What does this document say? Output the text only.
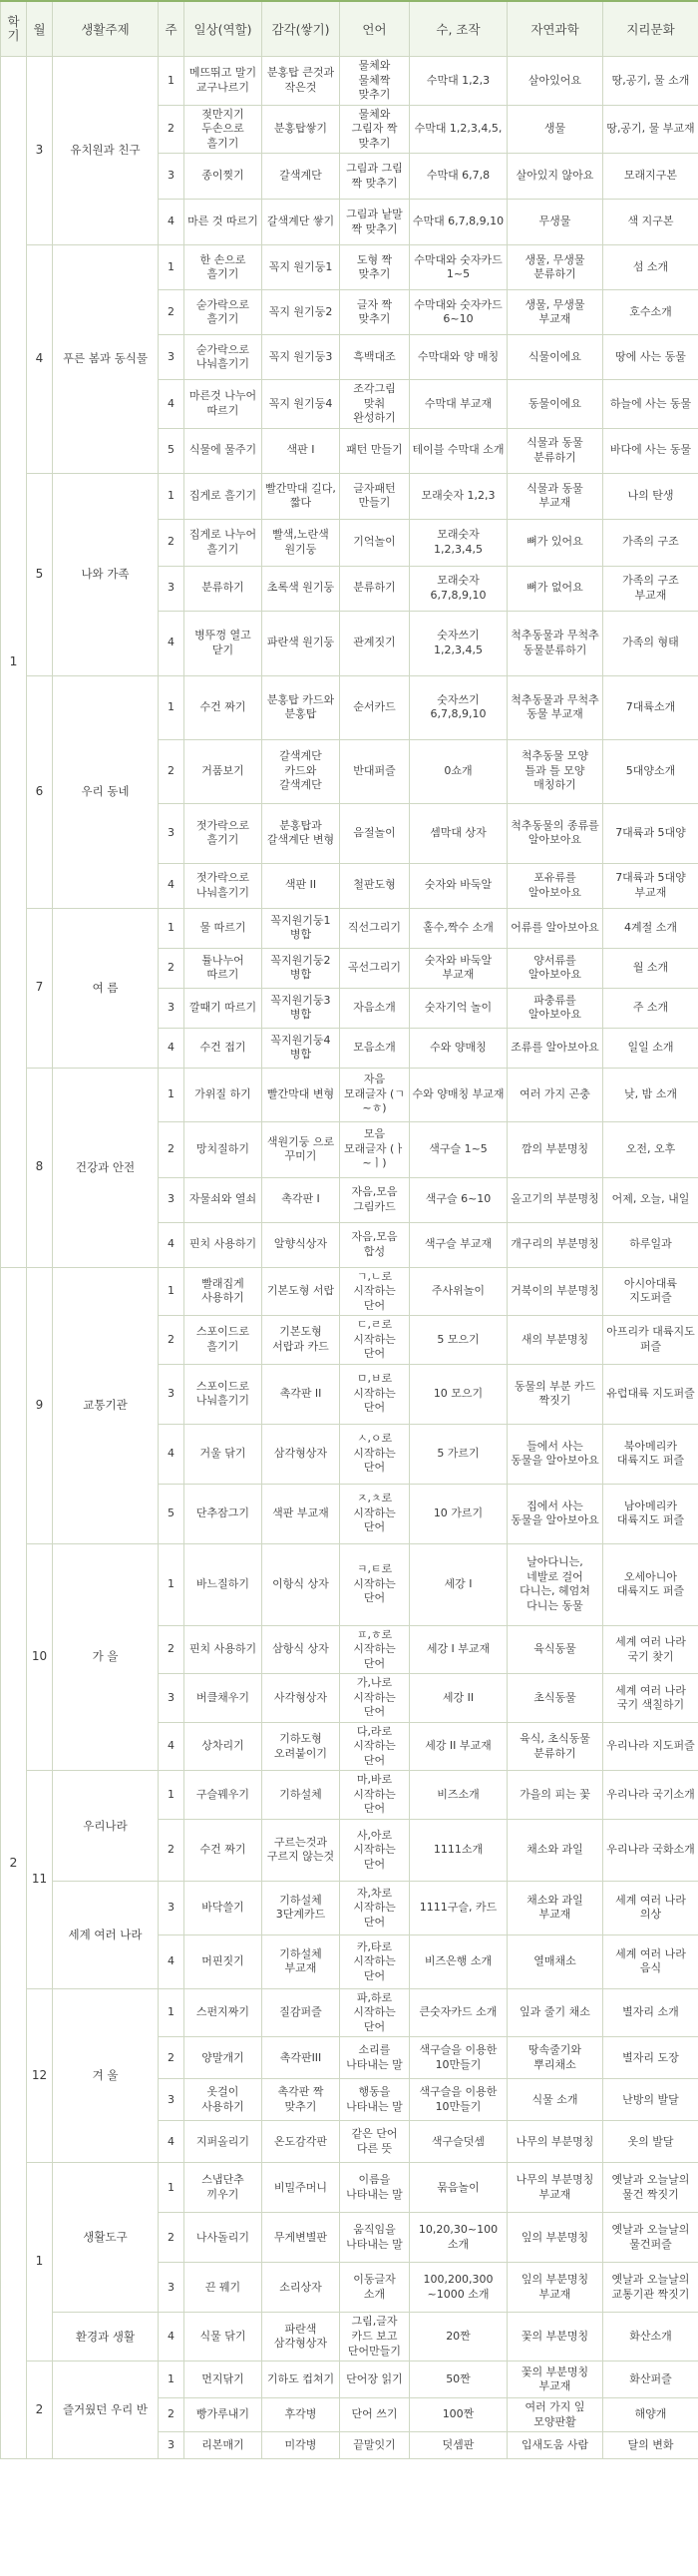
학기	월	생활주제	주	일상(역할)	감각(쌓기)	언어	수, 조작	자연과학	지리문화
1	3	유치원과 친구	1	메뜨뛰고 말기 교구나르기	분홍탑 큰것과 작은것	물체와 물체짝 맞추기	수막대 1,2,3	살아있어요	땅,공기, 물 소개
			2	젖만지기 두손으로 흘기기	분홍탑쌓기	물체와 그림자 짝 맞추기	수막대 1,2,3,4,5,	생물	땅,공기, 물 부교재
			3	종이찢기	갈색계단	그림과 그림 짝 맞추기	수막대 6,7,8	살아있지 않아요	모래지구본
			4	마른 것 따르기	갈색계단 쌓기	그림과 낱말 짝 맞추기	수막대 6,7,8,9,10	무생물	색 지구본
	4	푸른 봄과 동식물	1	한 손으로 흘기기	꼭지 원기둥1	도형 짝 맞추기	수막대와 숫자카드 1~5	생물, 무생물 분류하기	섬 소개
			2	숟가락으로 흘기기	꼭지 원기둥2	글자 짝 맞추기	수막대와 숫자카드 6~10	생물, 무생물 부교재	호수소개
			3	숟가락으로 나눠흘기기	꼭지 원기둥3	흑백대조	수막대와 양 매칭	식물이에요	땅에 사는 동물
			4	마른것 나누어 따르기	꼭지 원기둥4	조각그림 맞춰 완성하기	수막대 부교재	동물이에요	하늘에 사는 동물
			5	식물에 물주기	색판 I	패턴 만들기	테이블 수막대 소개	식물과 동물 분류하기	바다에 사는 동물
	5	나와 가족	1	집게로 흘기기	빨간막대 길다,짧다	글자패턴 만들기	모래숫자 1,2,3	식물과 동물 부교재	나의 탄생
			2	집게로 나누어 흘기기	빨색,노란색 원기둥	기억놀이	모래숫자 1,2,3,4,5	뼈가 있어요	가족의 구조
			3	분류하기	초록색 원기둥	분류하기	모래숫자 6,7,8,9,10	뼈가 없어요	가족의 구조 부교재
			4	병뚜껑 열고 닫기	파란색 원기둥	관계짓기	숫자쓰기 1,2,3,4,5	척추동물과 무척추 동물분류하기	가족의 형태
	6	우리 동네	1	수건 짜기	분홍탑 카드와 분홍탑	순서카드	숫자쓰기 6,7,8,9,10	척추동물과 무척추 동물 부교재	7대륙소개
			2	거품보기	갈색계단 카드와 갈색계단	반대퍼즐	0쇼개	척추동물 모양 틀과 틀 모양 매칭하기	5대양소개
			3	젓가락으로 흘기기	분홍탑과 갈색계단 변형	음절놀이	셈막대 상자	척추동물의 종류를 알아보아요	7대륙과 5대양
			4	젓가락으로 나눠흘기기	색판 II	철판도형	숫자와 바둑알	포유류를 알아보아요	7대륙과 5대양 부교재
	7	여 름	1	물 따르기	꼭지원기둥1 병합	직선그리기	홀수,짝수 소개	어류를 알아보아요	4계절 소개
			2	튤나누어 따르기	꼭지원기둥2 병합	곡선그리기	숫자와 바둑알 부교재	양서류를 알아보아요	월 소개
			3	깔때기 따르기	꼭지원기둥3 병합	자음소개	숫자기억 놀이	파충류를 알아보아요	주 소개
			4	수건 접기	꼭지원기둥4 병합	모음소개	수와 양매칭	조류를 알아보아요	일일 소개
	8	건강과 안전	1	가위질 하기	빨간막대 변형	자음 모래글자 (ㄱ~ㅎ)	수와 양매칭 부교재	여러 가지 곤충	낮, 밤 소개
			2	망치질하기	색원기둥 으로 꾸미기	모음 모래글자 (ㅏ~ㅣ)	색구슬 1~5	깜의 부분명칭	오전, 오후
			3	자물쇠와 열쇠	촉각판 I	자음,모음 그림카드	색구슬 6~10	올고기의 부분명칭	어제, 오늘, 내일
			4	핀치 사용하기	알향식상자	자음,모음 합성	색구슬 부교재	개구리의 부분명칭	하루일과
2	9	교통기관	1	빨래집게 사용하기	기본도형 서랍	ㄱ,ㄴ로 시작하는 단어	주사위놀이	거북이의 부분명칭	아시아대륙 지도퍼즐
			2	스포이드로 흘기기	기본도형 서랍과 카드	ㄷ,ㄹ로 시작하는 단어	5 모으기	새의 부분명칭	아프리카 대륙지도 퍼즐
			3	스포이드로 나눠흘기기	촉각판 II	ㅁ,ㅂ로 시작하는 단어	10 모으기	동물의 부분 카드 짝짓기	유럽대륙 지도퍼즐
			4	거울 닦기	삼각형상자	ㅅ,ㅇ로 시작하는 단어	5 가르기	들에서 사는 동물을 알아보아요	북아메리카 대륙지도 퍼즐
			5	단추잠그기	색판 부교재	ㅈ,ㅊ로 시작하는 단어	10 가르기	집에서 사는 동물을 알아보아요	남아메리카 대륙지도 퍼즐
	10	가 을	1	바느질하기	이항식 상자	ㅋ,ㅌ로 시작하는 단어	세강 I	날아다니는, 네발로 걸어 다니는, 헤엄쳐 다니는 동물	오세아니아 대륙지도 퍼즐
			2	핀치 사용하기	삼항식 상자	ㅍ,ㅎ로 시작하는 단어	세강 I 부교재	육식동물	세계 여러 나라 국기 찾기
			3	버클채우기	사각형상자	가,나로 시작하는 단어	세강 II	초식동물	세계 여러 나라 국기 색칠하기
			4	상차리기	기하도형 오려붙이기	다,라로 시작하는 단어	세강 II 부교재	육식, 초식동물 분류하기	우리나라 지도퍼즐
	11	우리나라	1	구슬꿰우기	기하설체	마,바로 시작하는 단어	비즈소개	가을의 피는 꽃	우리나라 국기소개
			2	수건 짜기	구르는것과 구르지 않는것	사,아로 시작하는 단어	1111소개	채소와 과일	우리나라 국화소개
		세계 여러 나라	3	바닥쓸기	기하설체 3단계카드	자,차로 시작하는 단어	1111구슬, 카드	채소와 과일 부교재	세계 여러 나라 의상
			4	머핀짓기	기하설체 부교재	카,타로 시작하는 단어	비즈은행 소개	열매채소	세계 여러 나라 음식
	12	겨 울	1	스펀지짜기	질감퍼즐	파,하로 시작하는 단어	큰숫자카드 소개	잎과 줄기 채소	별자리 소개
			2	양말개기	촉각판III	소리를 나타내는 말	색구슬을 이용한 10만들기	땅속줄기와 뿌리채소	별자리 도장
			3	옷걸이 사용하기	촉각판 짝 맞추기	행동을 나타내는 말	색구슬을 이용한 10만들기	식물 소개	난방의 발달
			4	지퍼올리기	온도감각판	같은 단어 다른 뜻	색구슬덧셈	나무의 부분명칭	옷의 발달
	1	생활도구	1	스냅단추 끼우기	비밀주머니	이름을 나타내는 말	묶음놀이	나무의 부분명칭 부교재	옛날과 오늘날의 물건 짝짓기
			2	나사돌리기	무게변별판	움직임을 나타내는 말	10,20,30~100 소개	잎의 부분명칭	옛날과 오늘날의 물건퍼즐
			3	끈 꿰기	소리상자	이동글자 소개	100,200,300 ~1000 소개	잎의 부분명칭 부교재	옛날과 오늘날의 교통기관 짝짓기
		환경과 생활	4	식물 닦기	파란색 삼각형상자	그림,글자 카드 보고 단어만들기	20짠	꽃의 부분명칭	화산소개
	2	즐거웠던 우리 반	1	먼지닦기	기하도 컵쳐기	단어장 읽기	50짠	꽃의 부분명칭 부교재	화산퍼즐
			2	빵가루내기	후각병	단어 쓰기	100짠	여러 가지 잎 모양판활	해양개
			3	리본매기	미각병	끝말잇기	덧셈판	입새도움 사람	달의 변화
